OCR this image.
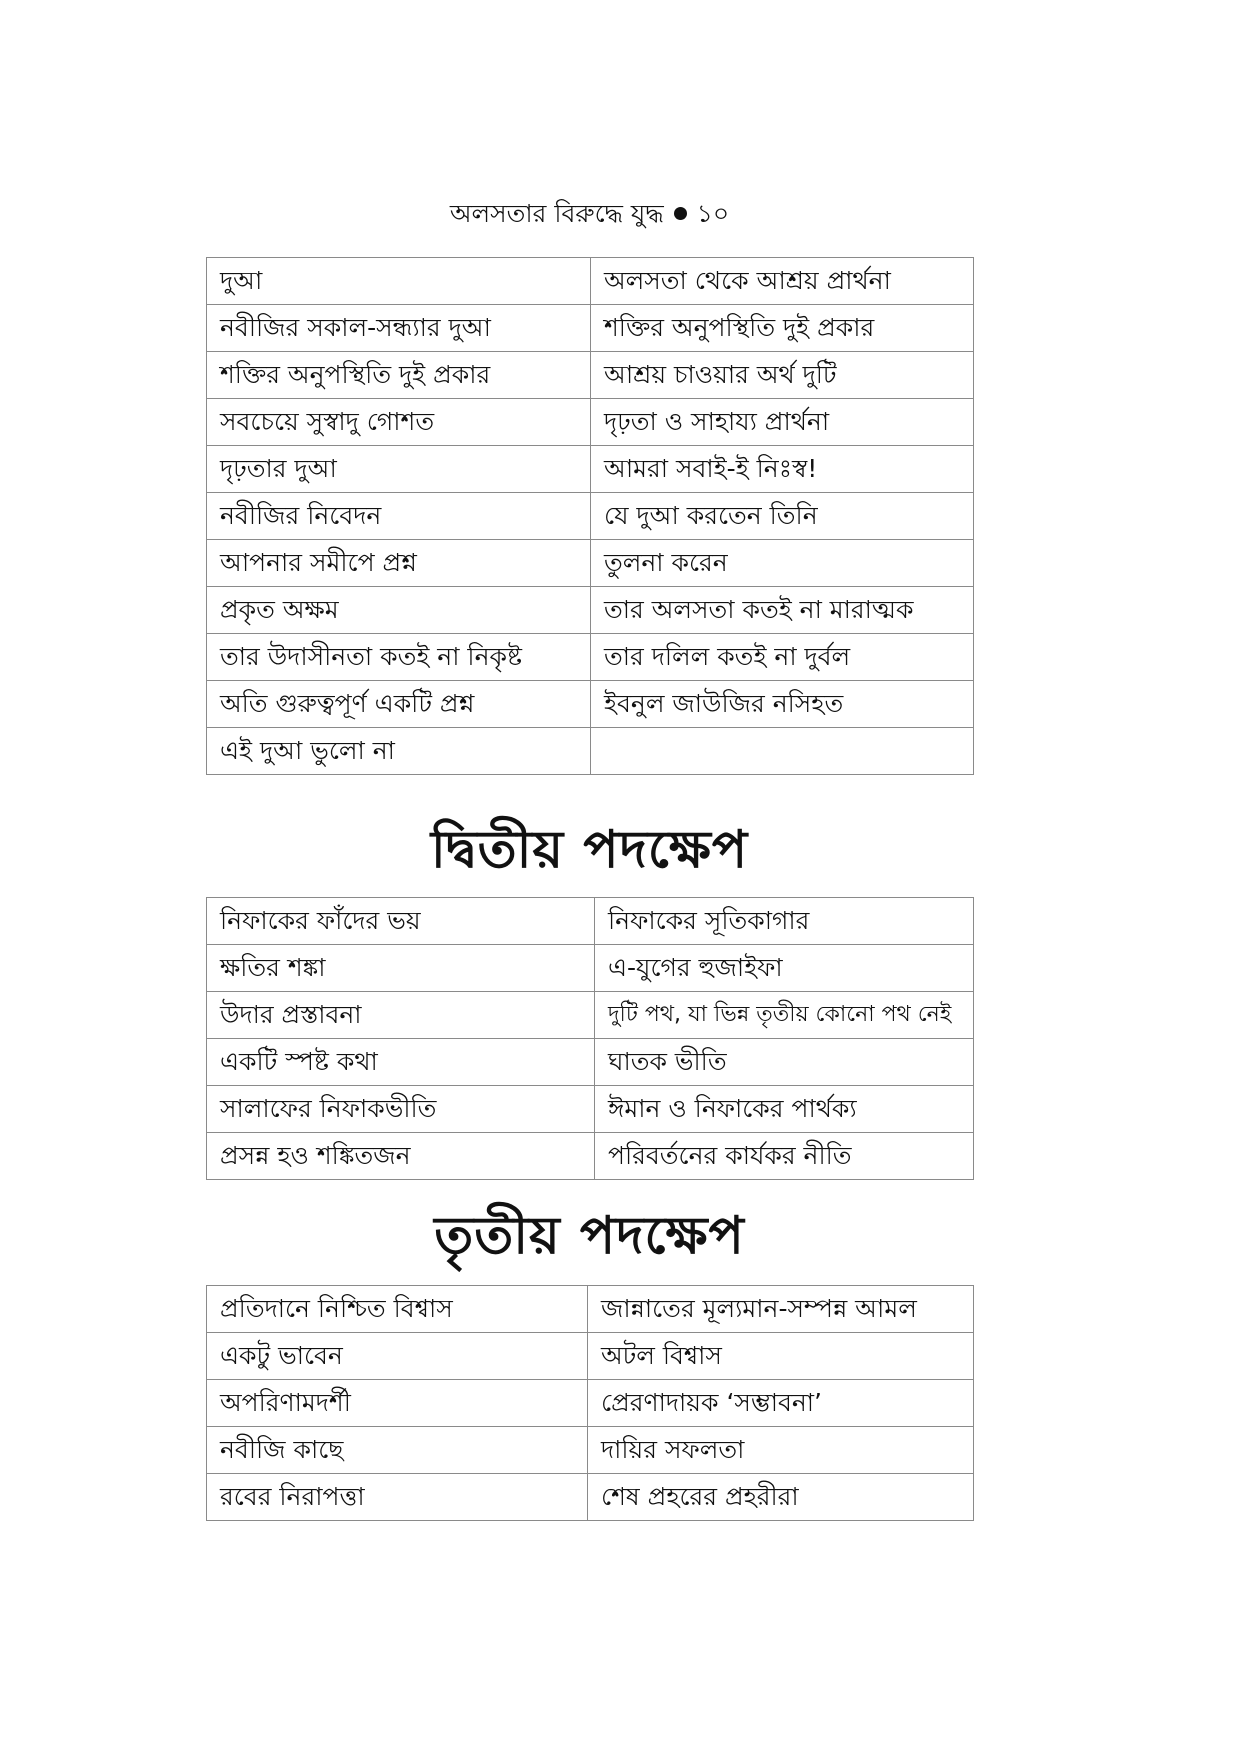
অলসতার বিরুদ্ধে যুদ্ধ ১০
দুআ	অলসতা থেকে আশ্রয় প্রার্থনা
নবীজির সকাল-সন্ধ্যার দুআ	শক্তির অনুপস্থিতি দুই প্রকার
শক্তির অনুপস্থিতি দুই প্রকার	আশ্রয় চাওয়ার অর্থ দুটি
সবচেয়ে সুস্বাদু গোশত	দৃঢ়তা ও সাহায্য প্রার্থনা
দৃঢ়তার দুআ	আমরা সবাই-ই নিঃস্ব!
নবীজির নিবেদন	যে দুআ করতেন তিনি
আপনার সমীপে প্রশ্ন	তুলনা করেন
প্রকৃত অক্ষম	তার অলসতা কতই না মারাত্মক
তার উদাসীনতা কতই না নিকৃষ্ট	তার দলিল কতই না দুর্বল
অতি গুরুত্বপূর্ণ একটি প্রশ্ন	ইবনুল জাউজির নসিহত
এই দুআ ভুলো না	
দ্বিতীয় পদক্ষেপ
নিফাকের ফাঁদের ভয়	নিফাকের সূতিকাগার
ক্ষতির শঙ্কা	এ-যুগের হুজাইফা
উদার প্রস্তাবনা	দুটি পথ, যা ভিন্ন তৃতীয় কোনো পথ নেই
একটি স্পষ্ট কথা	ঘাতক ভীতি
সালাফের নিফাকভীতি	ঈমান ও নিফাকের পার্থক্য
প্রসন্ন হও শঙ্কিতজন	পরিবর্তনের কার্যকর নীতি
তৃতীয় পদক্ষেপ
প্রতিদানে নিশ্চিত বিশ্বাস	জান্নাতের মূল্যমান-সম্পন্ন আমল
একটু ভাবেন	অটল বিশ্বাস
অপরিণামদর্শী	প্রেরণাদায়ক ‘সম্ভাবনা’
নবীজি কাছে	দায়ির সফলতা
রবের নিরাপত্তা	শেষ প্রহরের প্রহরীরা
